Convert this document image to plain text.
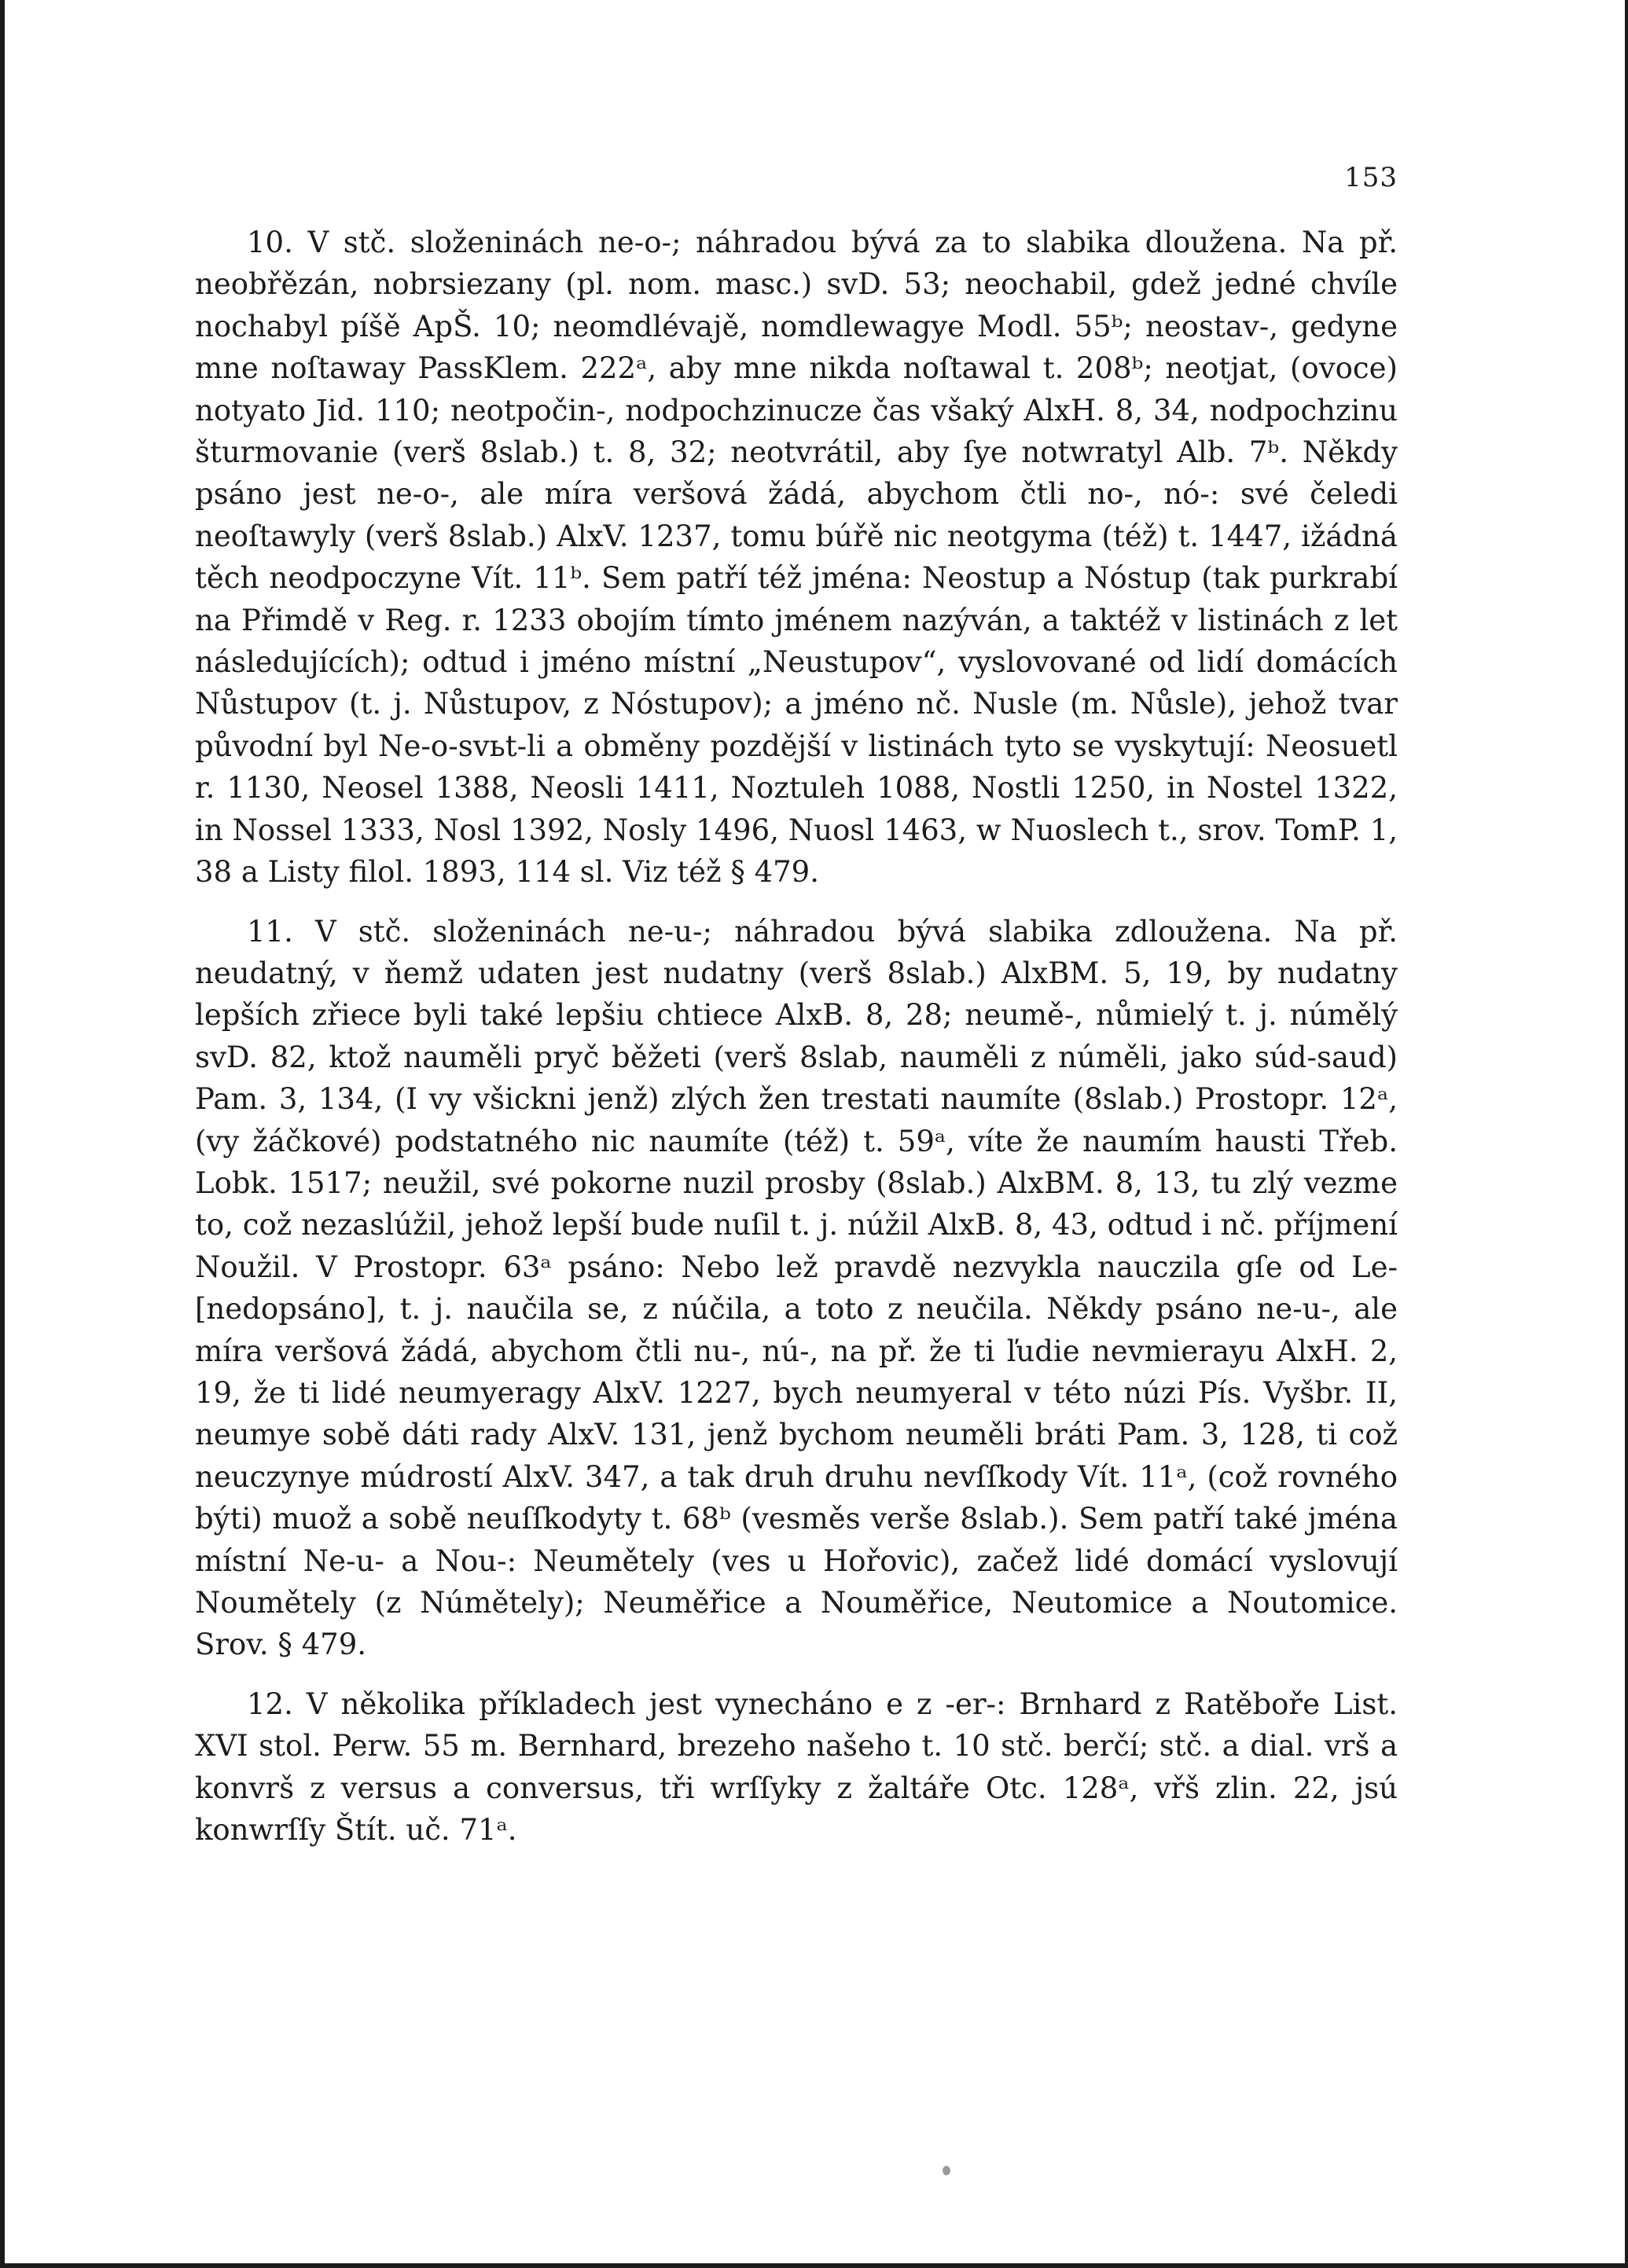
153

10. V stč. složeninách ne-o-; náhradou bývá za to slabika dloužena. Na př. neobřězán, nobrsiezany (pl. nom. masc.) svD. 53; neochabil, gdež jedné chvíle nochabyl píšě ApŠ. 10; neomdlévajě, nomdlewagye Modl. 55ᵇ; neostav-, gedyne mne noſtaway PassKlem. 222ᵃ, aby mne nikda noſtawal t. 208ᵇ; neotjat, (ovoce) notyato Jid. 110; neotpočin-, nodpochzinucze čas všaký AlxH. 8, 34, nodpochzinu šturmovanie (verš 8slab.) t. 8, 32; neotvrátil, aby ſye notwratyl Alb. 7ᵇ. Někdy psáno jest ne-o-, ale míra veršová žádá, abychom čtli no-, nó-: své čeledi neoſtawyly (verš 8slab.) AlxV. 1237, tomu búřě nic neotgyma (též) t. 1447, ižádná těch neodpoczyne Vít. 11ᵇ. Sem patří též jména: Neostup a Nóstup (tak purkrabí na Přimdě v Reg. r. 1233 obojím tímto jménem nazýván, a taktéž v listinách z let následujících); odtud i jméno místní „Neustupov“, vyslovované od lidí domácích Nůstupov (t. j. Nůstupov, z Nóstupov); a jméno nč. Nusle (m. Nůsle), jehož tvar původní byl Ne-o-svьt-li a obměny pozdější v listinách tyto se vyskytují: Neosuetl r. 1130, Neosel 1388, Neosli 1411, Noztuleh 1088, Nostli 1250, in Nostel 1322, in Nossel 1333, Nosl 1392, Nosly 1496, Nuosl 1463, w Nuoslech t., srov. TomP. 1, 38 a Listy filol. 1893, 114 sl. Viz též § 479.

11. V stč. složeninách ne-u-; náhradou bývá slabika zdloužena. Na př. neudatný, v ňemž udaten jest nudatny (verš 8slab.) AlxBM. 5, 19, by nudatny lepších zřiece byli také lepšiu chtiece AlxB. 8, 28; neumě-, nůmielý t. j. númělý svD. 82, ktož nauměli pryč běžeti (verš 8slab, nauměli z núměli, jako súd-saud) Pam. 3, 134, (I vy všickni jenž) zlých žen trestati naumíte (8slab.) Prostopr. 12ᵃ, (vy žáčkové) podstatného nic naumíte (též) t. 59ᵃ, víte že naumím hausti Třeb. Lobk. 1517; neužil, své pokorne nuzil prosby (8slab.) AlxBM. 8, 13, tu zlý vezme to, což nezaslúžil, jehož lepší bude nuſil t. j. núžil AlxB. 8, 43, odtud i nč. příjmení Noužil. V Prostopr. 63ᵃ psáno: Nebo lež pravdě nezvykla nauczila gſe od Le- [nedopsáno], t. j. naučila se, z núčila, a toto z neučila. Někdy psáno ne-u-, ale míra veršová žádá, abychom čtli nu-, nú-, na př. že ti ľudie nevmierayu AlxH. 2, 19, že ti lidé neumyeragy AlxV. 1227, bych neumyeral v této núzi Pís. Vyšbr. II, neumye sobě dáti rady AlxV. 131, jenž bychom neuměli bráti Pam. 3, 128, ti což neuczynye múdrostí AlxV. 347, a tak druh druhu nevſſkody Vít. 11ᵃ, (což rovného býti) muož a sobě neuſſkodyty t. 68ᵇ (vesměs verše 8slab.). Sem patří také jména místní Ne-u- a Nou-: Neumětely (ves u Hořovic), začež lidé domácí vyslovují Noumětely (z Númětely); Neuměřice a Nouměřice, Neutomice a Noutomice. Srov. § 479.

12. V několika příkladech jest vynecháno e z -er-: Brnhard z Ratěboře List. XVI stol. Perw. 55 m. Bernhard, brezeho našeho t. 10 stč. berčí; stč. a dial. vrš a konvrš z versus a conversus, tři wrſſyky z žaltáře Otc. 128ᵃ, vřš zlin. 22, jsú konwrſſy Štít. uč. 71ᵃ.
